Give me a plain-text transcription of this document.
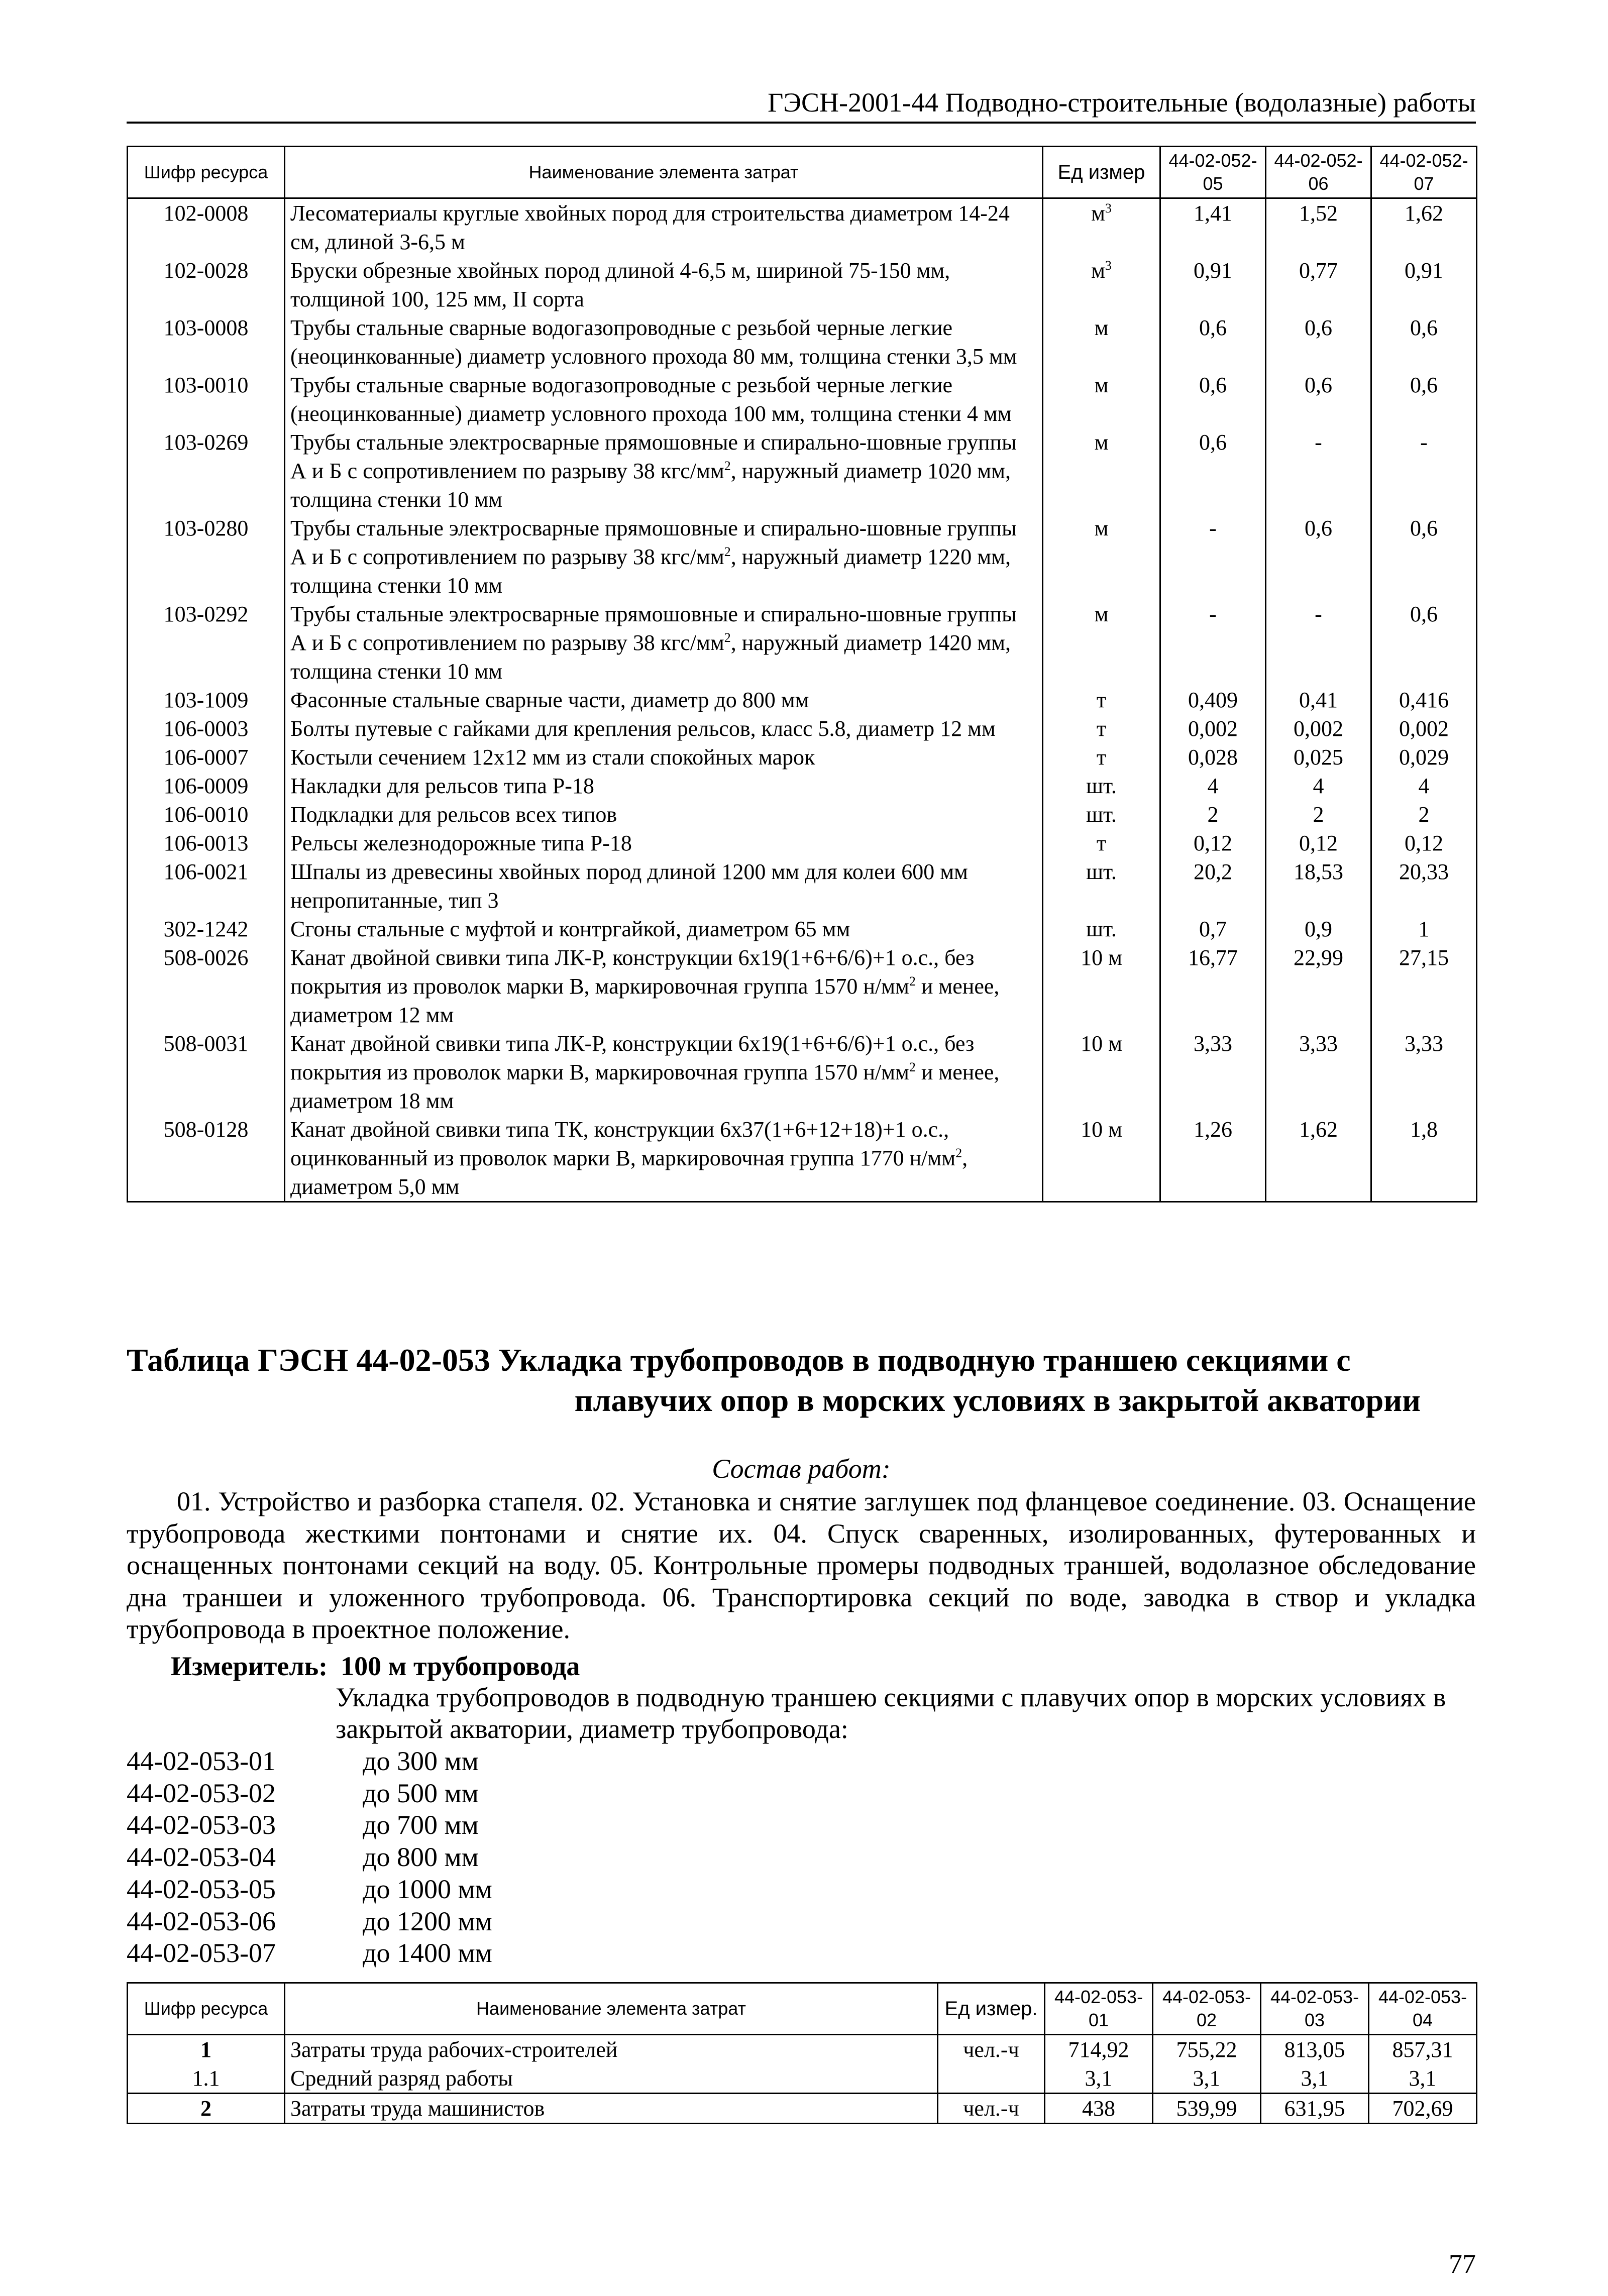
ГЭСН-2001-44 Подводно-строительные (водолазные) работы
Шифр ресурса	Наименование элемента затрат	Ед измер	44-02-052-05	44-02-052-06	44-02-052-07
102-0008	Лесоматериалы круглые хвойных пород для строительства диаметром 14-24 см, длиной 3-6,5 м	$м^3$	1,41	1,52	1,62
102-0028	Бруски обрезные хвойных пород длиной 4-6,5 м, шириной 75-150 мм, толщиной 100, 125 мм, II сорта	$м^3$	0,91	0,77	0,91
103-0008	Трубы стальные сварные водогазопроводные с резьбой черные легкие (неоцинкованные) диаметр условного прохода 80 мм, толщина стенки 3,5 мм	м	0,6	0,6	0,6
103-0010	Трубы стальные сварные водогазопроводные с резьбой черные легкие (неоцинкованные) диаметр условного прохода 100 мм, толщина стенки 4 мм	м	0,6	0,6	0,6
103-0269	Трубы стальные электросварные прямошовные и спирально-шовные группы А и Б с сопротивлением по разрыву 38 кгс/$мм^2$, наружный диаметр 1020 мм, толщина стенки 10 мм	м	0,6	-	-
103-0280	Трубы стальные электросварные прямошовные и спирально-шовные группы А и Б с сопротивлением по разрыву 38 кгс/$мм^2$, наружный диаметр 1220 мм, толщина стенки 10 мм	м	-	0,6	0,6
103-0292	Трубы стальные электросварные прямошовные и спирально-шовные группы А и Б с сопротивлением по разрыву 38 кгс/$мм^2$, наружный диаметр 1420 мм, толщина стенки 10 мм	м	-	-	0,6
103-1009	Фасонные стальные сварные части, диаметр до 800 мм	т	0,409	0,41	0,416
106-0003	Болты путевые с гайками для крепления рельсов, класс 5.8, диаметр 12 мм	т	0,002	0,002	0,002
106-0007	Костыли сечением 12х12 мм из стали спокойных марок	т	0,028	0,025	0,029
106-0009	Накладки для рельсов типа Р-18	шт.	4	4	4
106-0010	Подкладки для рельсов всех типов	шт.	2	2	2
106-0013	Рельсы железнодорожные типа Р-18	т	0,12	0,12	0,12
106-0021	Шпалы из древесины хвойных пород длиной 1200 мм для колеи 600 мм непропитанные, тип 3	шт.	20,2	18,53	20,33
302-1242	Сгоны стальные с муфтой и контргайкой, диаметром 65 мм	шт.	0,7	0,9	1
508-0026	Канат двойной свивки типа ЛК-Р, конструкции 6х19(1+6+6/6)+1 о.с., без покрытия из проволок марки В, маркировочная группа 1570 $н/мм^2$ и менее, диаметром 12 мм	10 м	16,77	22,99	27,15
508-0031	Канат двойной свивки типа ЛК-Р, конструкции 6х19(1+6+6/6)+1 о.с., без покрытия из проволок марки В, маркировочная группа 1570 $н/мм^2$ и менее, диаметром 18 мм	10 м	3,33	3,33	3,33
508-0128	Канат двойной свивки типа ТК, конструкции 6х37(1+6+12+18)+1 о.с., оцинкованный из проволок марки В, маркировочная группа 1770 $н/мм^2$, диаметром 5,0 мм	10 м	1,26	1,62	1,8
Таблица ГЭСН 44-02-053 Укладка трубопроводов в подводную траншею секциями с
плавучих опор в морских условиях в закрытой акватории
Состав работ:

01. Устройство и разборка стапеля. 02. Установка и снятие заглушек под фланцевое соединение. 03. Оснащение трубопровода жесткими понтонами и снятие их. 04. Спуск сваренных, изолированных, футерованных и оснащенных понтонами секций на воду. 05. Контрольные промеры подводных траншей, водолазное обследование дна траншеи и уложенного трубопровода. 06. Транспортировка секций по воде, заводка в створ и укладка трубопровода в проектное положение.

Измеритель: 100 м трубопровода

Укладка трубопроводов в подводную траншею секциями с плавучих опор в морских условиях в закрытой акватории, диаметр трубопровода:

44-02-053-01	до 300 мм
44-02-053-02	до 500 мм
44-02-053-03	до 700 мм
44-02-053-04	до 800 мм
44-02-053-05	до 1000 мм
44-02-053-06	до 1200 мм
44-02-053-07	до 1400 мм
Шифр ресурса	Наименование элемента затрат	Ед измер.	44-02-053-01	44-02-053-02	44-02-053-03	44-02-053-04
1	Затраты труда рабочих-строителей	чел.-ч	714,92	755,22	813,05	857,31
1.1	Средний разряд работы		3,1	3,1	3,1	3,1
2	Затраты труда машинистов	чел.-ч	438	539,99	631,95	702,69
77
